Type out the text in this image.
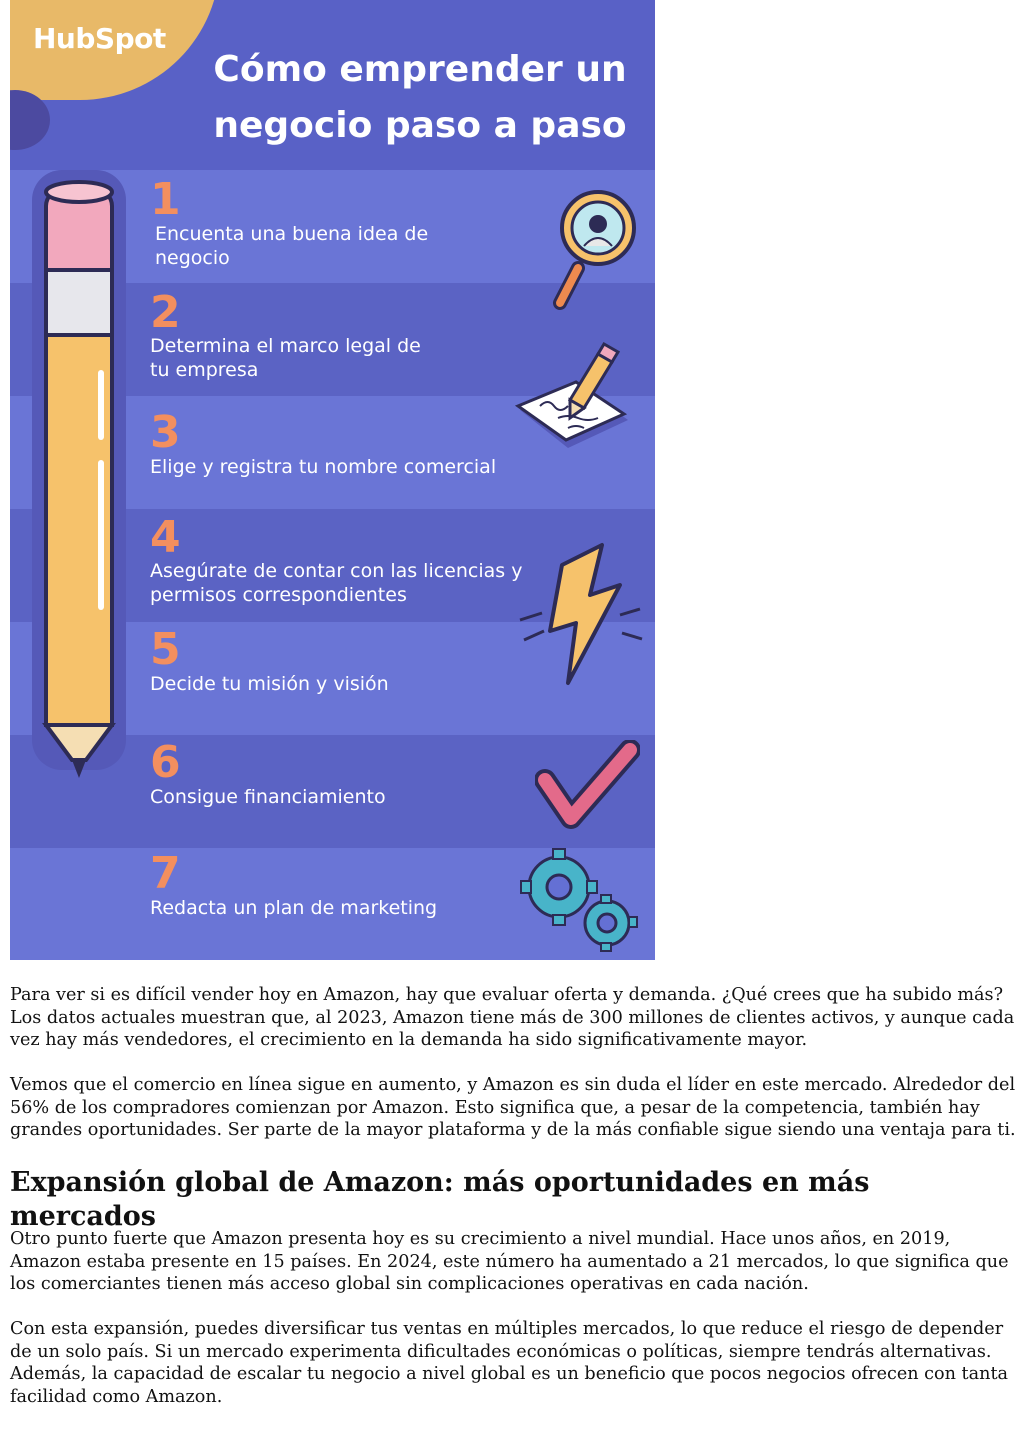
HubSpot
Cómo emprender un negocio paso a paso
1
Encuenta una buena idea de negocio
2
Determina el marco legal de tu empresa
3
Elige y registra tu nombre comercial
4
Asegúrate de contar con las licencias y permisos correspondientes
5
Decide tu misión y visión
6
Consigue financiamiento
7
Redacta un plan de marketing

Para ver si es difícil vender hoy en Amazon, hay que evaluar oferta y demanda. ¿Qué crees que ha subido más? Los datos actuales muestran que, al 2023, Amazon tiene más de 300 millones de clientes activos, y aunque cada vez hay más vendedores, el crecimiento en la demanda ha sido significativamente mayor.

Vemos que el comercio en línea sigue en aumento, y Amazon es sin duda el líder en este mercado. Alrededor del 56% de los compradores comienzan por Amazon. Esto significa que, a pesar de la competencia, también hay grandes oportunidades. Ser parte de la mayor plataforma y de la más confiable sigue siendo una ventaja para ti.

Expansión global de Amazon: más oportunidades en más mercados

Otro punto fuerte que Amazon presenta hoy es su crecimiento a nivel mundial. Hace unos años, en 2019, Amazon estaba presente en 15 países. En 2024, este número ha aumentado a 21 mercados, lo que significa que los comerciantes tienen más acceso global sin complicaciones operativas en cada nación.

Con esta expansión, puedes diversificar tus ventas en múltiples mercados, lo que reduce el riesgo de depender de un solo país. Si un mercado experimenta dificultades económicas o políticas, siempre tendrás alternativas. Además, la capacidad de escalar tu negocio a nivel global es un beneficio que pocos negocios ofrecen con tanta facilidad como Amazon.
